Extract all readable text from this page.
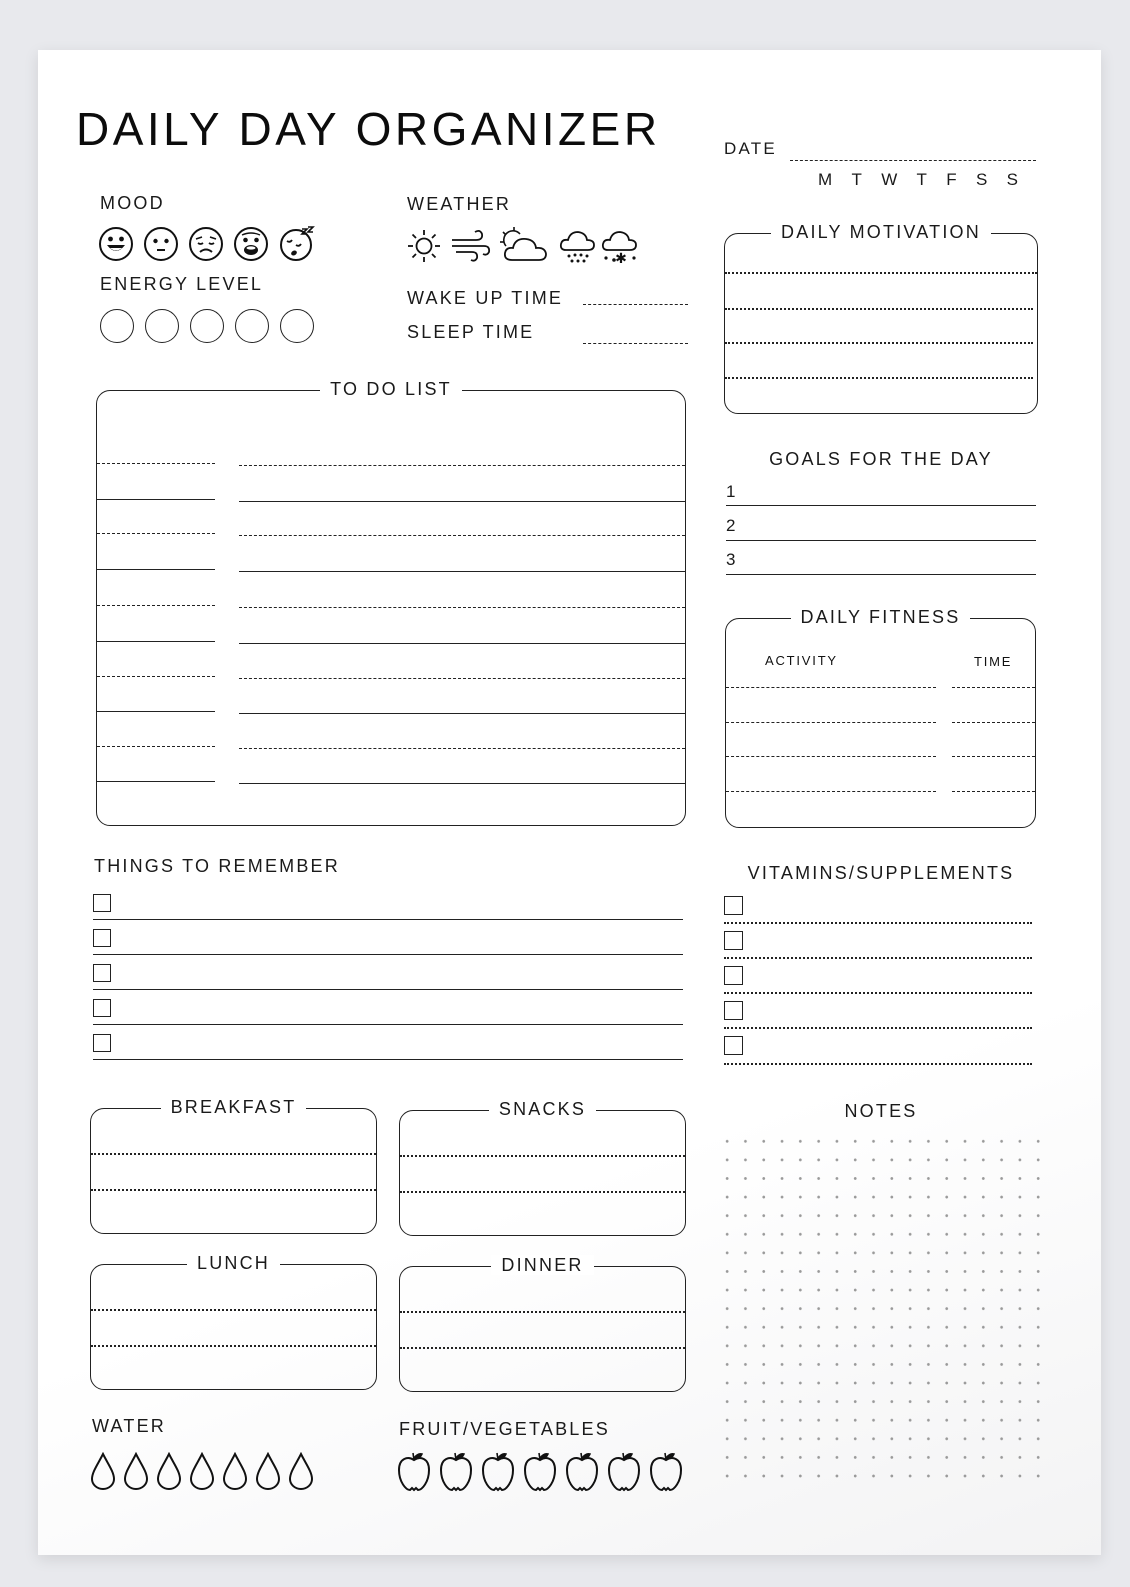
DAILY DAY ORGANIZER	DATE
M T W T F S S
MOOD
ENERGY LEVEL
WEATHER
✱
WAKE UP TIME
SLEEP TIME
DAILY MOTIVATION
TO DO LIST
GOALS FOR THE DAY
1
2
3
DAILY FITNESS
ACTIVITY	TIME
THINGS TO REMEMBER	VITAMINS/SUPPLEMENTS
BREAKFAST	SNACKS
LUNCH	DINNER
NOTES
WATER	FRUIT/VEGETABLES
